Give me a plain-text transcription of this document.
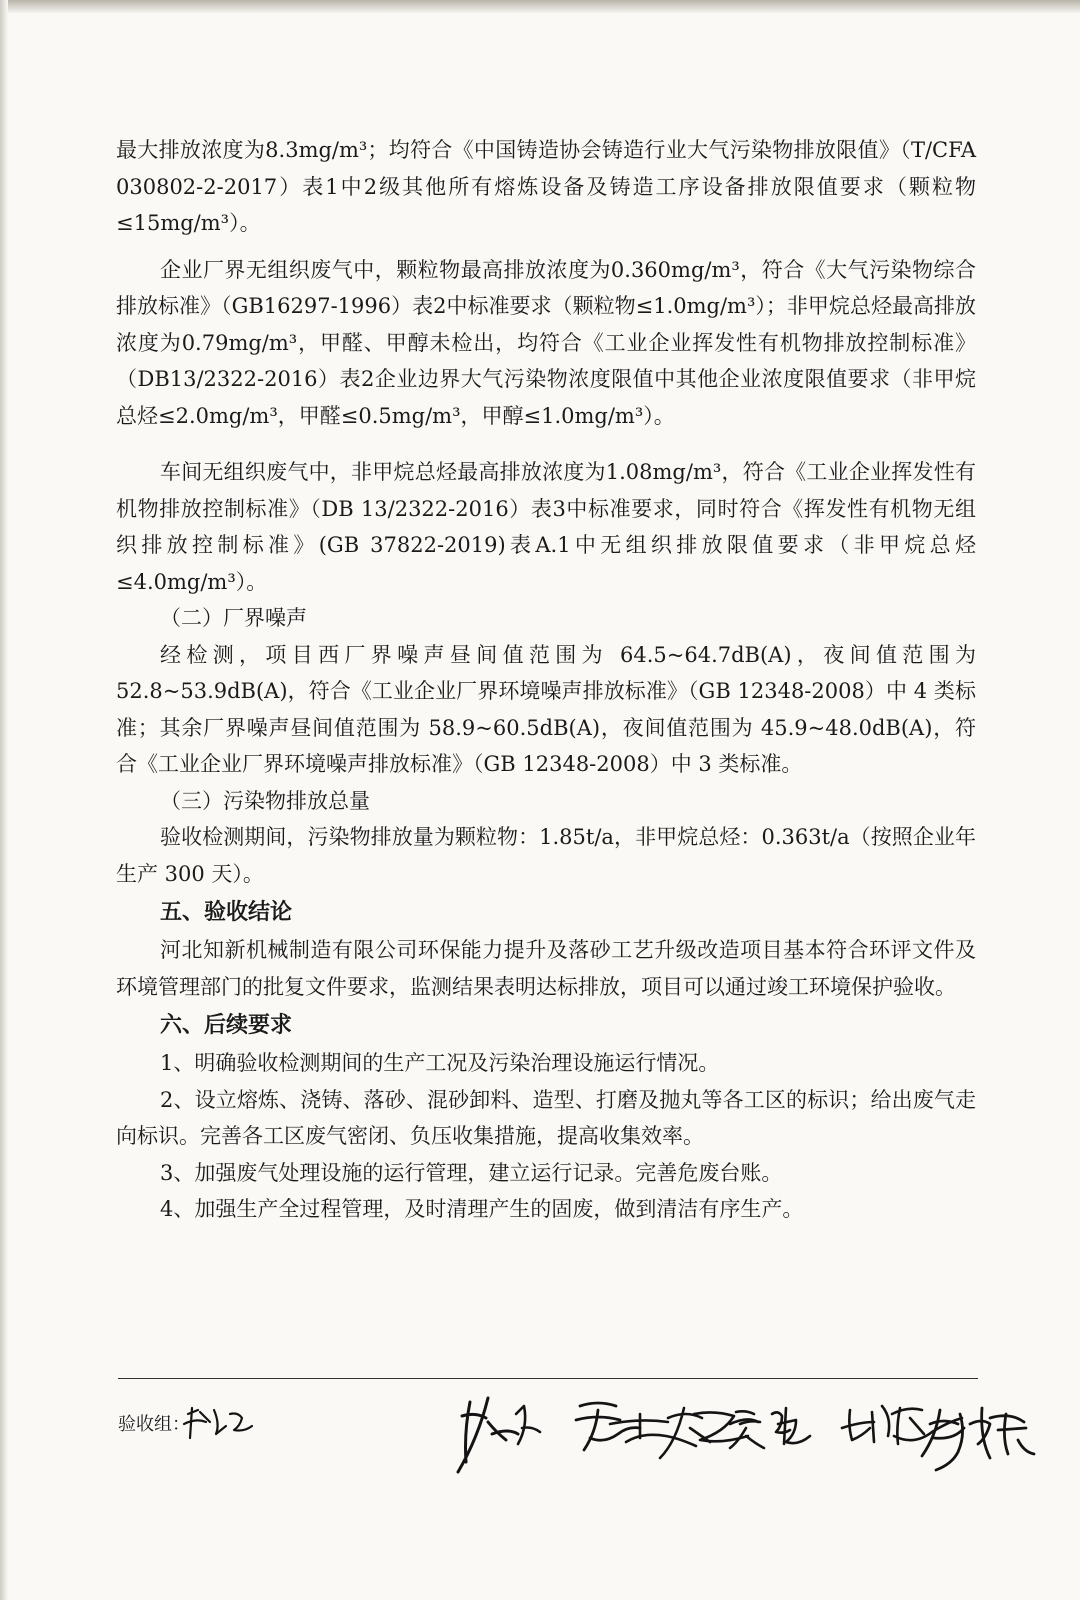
最大排放浓度为8.3mg/m³；均符合《中国铸造协会铸造行业大气污染物排放限值》（T/CFA 030802-2-2017）表1中2级其他所有熔炼设备及铸造工序设备排放限值要求（颗粒物≤15mg/m³）。

企业厂界无组织废气中，颗粒物最高排放浓度为0.360mg/m³，符合《大气污染物综合排放标准》（GB16297-1996）表2中标准要求（颗粒物≤1.0mg/m³）；非甲烷总烃最高排放浓度为0.79mg/m³，甲醛、甲醇未检出，均符合《工业企业挥发性有机物排放控制标准》（DB13/2322-2016）表2企业边界大气污染物浓度限值中其他企业浓度限值要求（非甲烷总烃≤2.0mg/m³，甲醛≤0.5mg/m³，甲醇≤1.0mg/m³）。

车间无组织废气中，非甲烷总烃最高排放浓度为1.08mg/m³，符合《工业企业挥发性有机物排放控制标准》（DB 13/2322-2016）表3中标准要求，同时符合《挥发性有机物无组织排放控制标准》(GB 37822-2019)表A.1中无组织排放限值要求（非甲烷总烃≤4.0mg/m³）。

（二）厂界噪声

经检测，项目西厂界噪声昼间值范围为 64.5~64.7dB(A)，夜间值范围为 52.8~53.9dB(A)，符合《工业企业厂界环境噪声排放标准》（GB 12348-2008）中 4 类标准；其余厂界噪声昼间值范围为 58.9~60.5dB(A)，夜间值范围为 45.9~48.0dB(A)，符合《工业企业厂界环境噪声排放标准》（GB 12348-2008）中 3 类标准。

（三）污染物排放总量

验收检测期间，污染物排放量为颗粒物：1.85t/a，非甲烷总烃：0.363t/a（按照企业年生产 300 天）。

五、验收结论

河北知新机械制造有限公司环保能力提升及落砂工艺升级改造项目基本符合环评文件及环境管理部门的批复文件要求，监测结果表明达标排放，项目可以通过竣工环境保护验收。

六、后续要求

1、明确验收检测期间的生产工况及污染治理设施运行情况。

2、设立熔炼、浇铸、落砂、混砂卸料、造型、打磨及抛丸等各工区的标识；给出废气走向标识。完善各工区废气密闭、负压收集措施，提高收集效率。

3、加强废气处理设施的运行管理，建立运行记录。完善危废台账。

4、加强生产全过程管理，及时清理产生的固废，做到清洁有序生产。

验收组：
